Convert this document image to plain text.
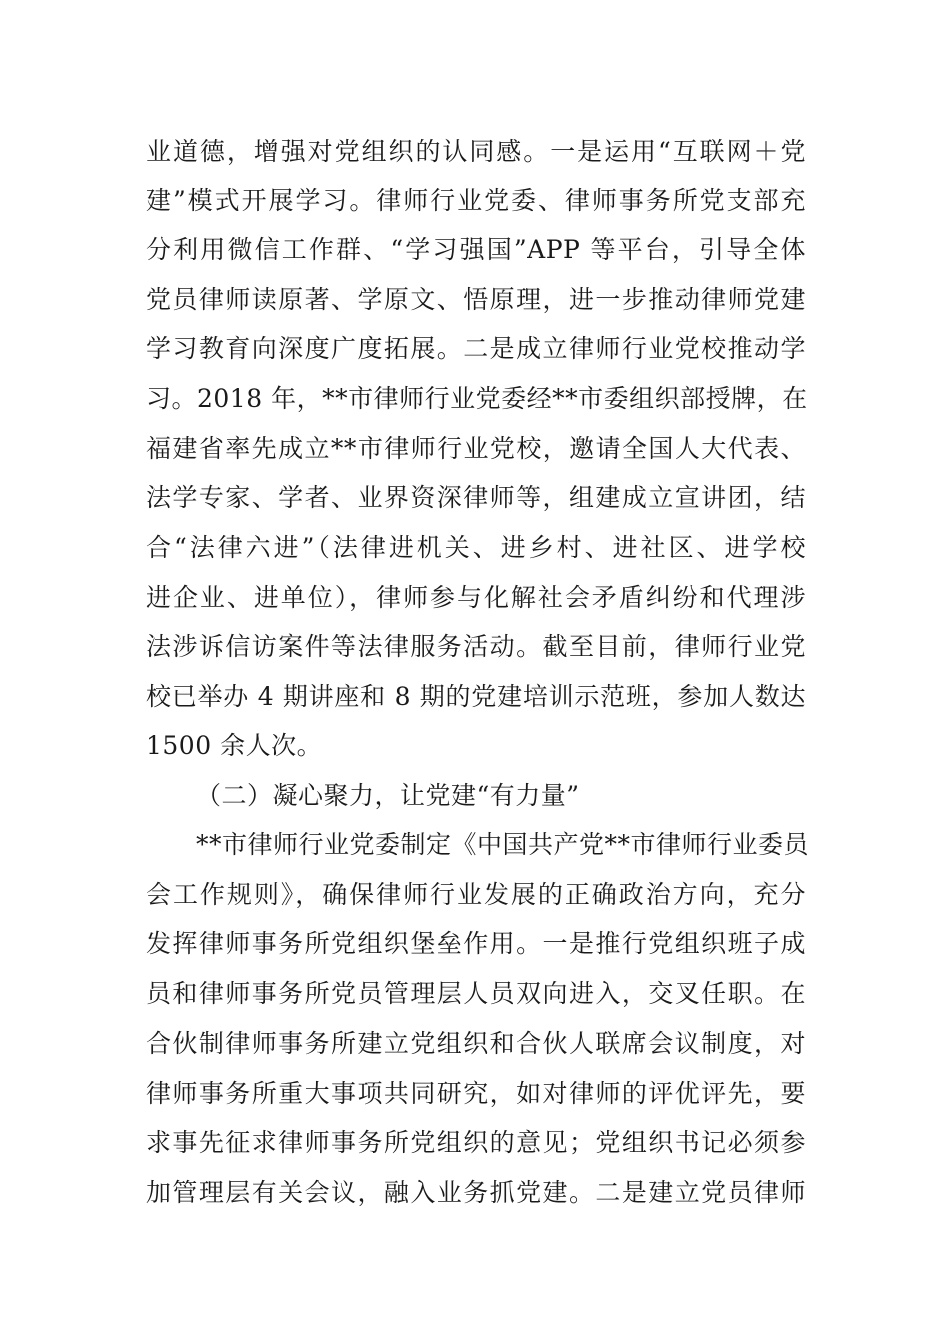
业道德，增强对党组织的认同感。一是运用“互联网＋党
建”模式开展学习。律师行业党委、律师事务所党支部充
分利用微信工作群、“学习强国”APP 等平台，引导全体
党员律师读原著、学原文、悟原理，进一步推动律师党建
学习教育向深度广度拓展。二是成立律师行业党校推动学
习。2018 年，**市律师行业党委经**市委组织部授牌，在
福建省率先成立**市律师行业党校，邀请全国人大代表、
法学专家、学者、业界资深律师等，组建成立宣讲团，结
合“法律六进”（法律进机关、进乡村、进社区、进学校
进企业、进单位），律师参与化解社会矛盾纠纷和代理涉
法涉诉信访案件等法律服务活动。截至目前，律师行业党
校已举办 4 期讲座和 8 期的党建培训示范班，参加人数达
1500 余人次。
（二）凝心聚力，让党建“有力量”
**市律师行业党委制定《中国共产党**市律师行业委员
会工作规则》，确保律师行业发展的正确政治方向，充分
发挥律师事务所党组织堡垒作用。一是推行党组织班子成
员和律师事务所党员管理层人员双向进入，交叉任职。在
合伙制律师事务所建立党组织和合伙人联席会议制度，对
律师事务所重大事项共同研究，如对律师的评优评先，要
求事先征求律师事务所党组织的意见；党组织书记必须参
加管理层有关会议，融入业务抓党建。二是建立党员律师
